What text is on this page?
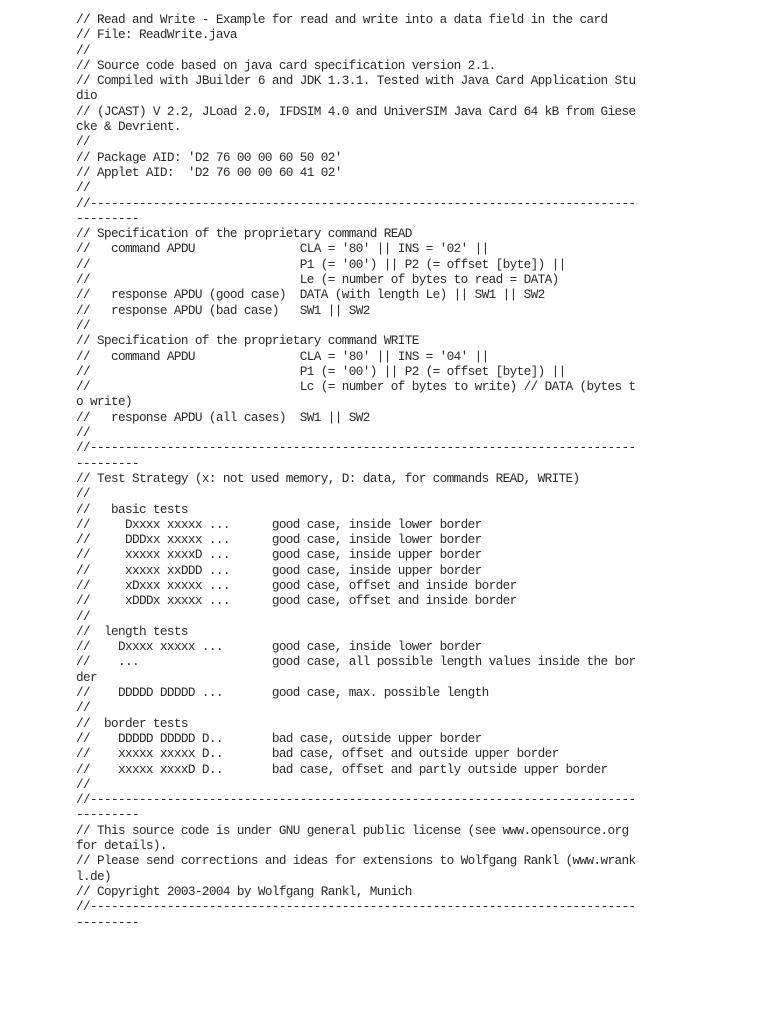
// Read and Write - Example for read and write into a data field in the card
// File: ReadWrite.java
//
// Source code based on java card specification version 2.1.
// Compiled with JBuilder 6 and JDK 1.3.1. Tested with Java Card Application Stu
dio
// (JCAST) V 2.2, JLoad 2.0, IFDSIM 4.0 and UniverSIM Java Card 64 kB from Giese
cke & Devrient.
//
// Package AID: 'D2 76 00 00 60 50 02'
// Applet AID:  'D2 76 00 00 60 41 02'
//
//------------------------------------------------------------------------------
---------
// Specification of the proprietary command READ
//   command APDU               CLA = '80' || INS = '02' ||
//                              P1 (= '00') || P2 (= offset [byte]) ||
//                              Le (= number of bytes to read = DATA)
//   response APDU (good case)  DATA (with length Le) || SW1 || SW2
//   response APDU (bad case)   SW1 || SW2
//
// Specification of the proprietary command WRITE
//   command APDU               CLA = '80' || INS = '04' ||
//                              P1 (= '00') || P2 (= offset [byte]) ||
//                              Lc (= number of bytes to write) // DATA (bytes t
o write)
//   response APDU (all cases)  SW1 || SW2
//
//------------------------------------------------------------------------------
---------
// Test Strategy (x: not used memory, D: data, for commands READ, WRITE)
//
//   basic tests
//     Dxxxx xxxxx ...      good case, inside lower border
//     DDDxx xxxxx ...      good case, inside lower border
//     xxxxx xxxxD ...      good case, inside upper border
//     xxxxx xxDDD ...      good case, inside upper border
//     xDxxx xxxxx ...      good case, offset and inside border
//     xDDDx xxxxx ...      good case, offset and inside border
//
//  length tests
//    Dxxxx xxxxx ...       good case, inside lower border
//    ...                   good case, all possible length values inside the bor
der
//    DDDDD DDDDD ...       good case, max. possible length
//
//  border tests
//    DDDDD DDDDD D..       bad case, outside upper border
//    xxxxx xxxxx D..       bad case, offset and outside upper border
//    xxxxx xxxxD D..       bad case, offset and partly outside upper border
//
//------------------------------------------------------------------------------
---------
// This source code is under GNU general public license (see www.opensource.org
for details).
// Please send corrections and ideas for extensions to Wolfgang Rankl (www.wrank
l.de)
// Copyright 2003-2004 by Wolfgang Rankl, Munich
//------------------------------------------------------------------------------
---------
